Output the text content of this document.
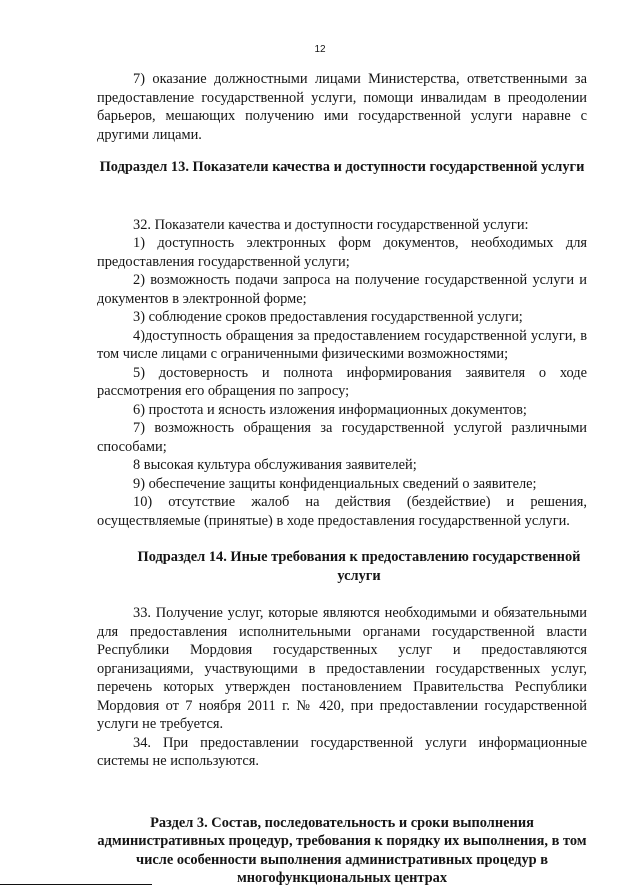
12

7) оказание должностными лицами Министерства, ответственными за предоставление государственной услуги, помощи инвалидам в преодолении барьеров, мешающих получению ими государственной услуги наравне с другими лицами.

Подраздел 13. Показатели качества и доступности государственной услуги

32. Показатели качества и доступности государственной услуги:

1) доступность электронных форм документов, необходимых для предоставления государственной услуги;

2) возможность подачи запроса на получение государственной услуги и документов в электронной форме;

3) соблюдение сроков предоставления государственной услуги;

4)доступность обращения за предоставлением государственной услуги, в том числе лицами с ограниченными физическими возможностями;

5) достоверность и полнота информирования заявителя о ходе рассмотрения его обращения по запросу;

6) простота и ясность изложения информационных документов;

7) возможность обращения за государственной услугой различными способами;

8 высокая культура обслуживания заявителей;

9) обеспечение защиты конфиденциальных сведений о заявителе;

10) отсутствие жалоб на действия (бездействие) и решения, осуществляемые (принятые) в ходе предоставления государственной услуги.

Подраздел 14. Иные требования к предоставлению государственной услуги

33. Получение услуг, которые являются необходимыми и обязательными для предоставления исполнительными органами государственной власти Республики Мордовия государственных услуг и предоставляются организациями, участвующими в предоставлении государственных услуг, перечень которых утвержден постановлением Правительства Республики Мордовия от 7 ноября 2011 г. № 420, при предоставлении государственной услуги не требуется.

34. При предоставлении государственной услуги информационные системы не используются.

Раздел 3. Состав, последовательность и сроки выполнения административных процедур, требования к порядку их выполнения, в том числе особенности выполнения административных процедур в многофункциональных центрах
